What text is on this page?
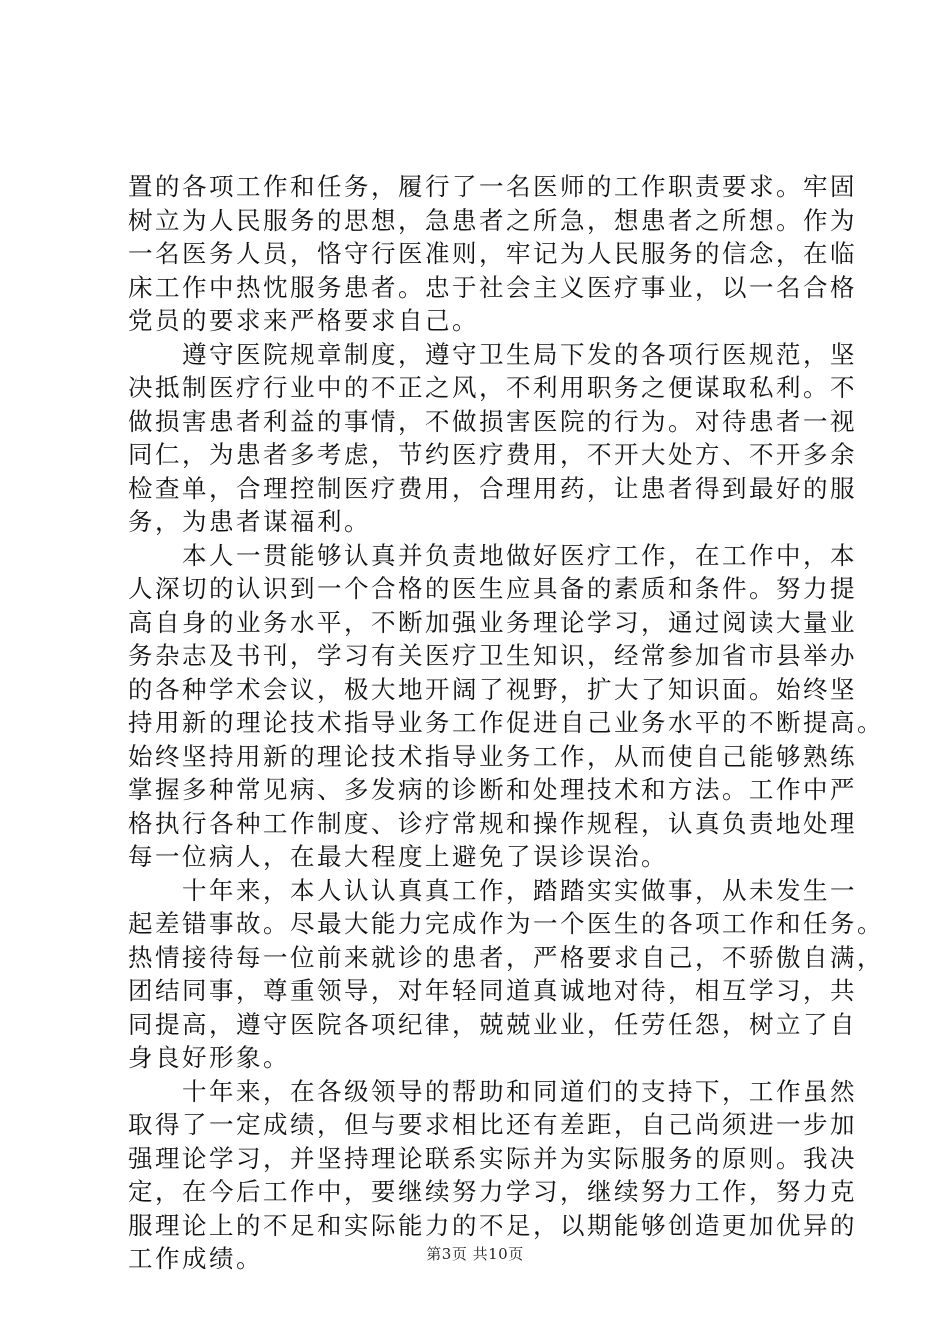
置的各项工作和任务，履行了一名医师的工作职责要求。牢固
树立为人民服务的思想，急患者之所急，想患者之所想。作为
一名医务人员，恪守行医准则，牢记为人民服务的信念，在临
床工作中热忱服务患者。忠于社会主义医疗事业，以一名合格
党员的要求来严格要求自己。
　　遵守医院规章制度，遵守卫生局下发的各项行医规范，坚
决抵制医疗行业中的不正之风，不利用职务之便谋取私利。不
做损害患者利益的事情，不做损害医院的行为。对待患者一视
同仁，为患者多考虑，节约医疗费用，不开大处方、不开多余
检查单，合理控制医疗费用，合理用药，让患者得到最好的服
务，为患者谋福利。
　　本人一贯能够认真并负责地做好医疗工作，在工作中，本
人深切的认识到一个合格的医生应具备的素质和条件。努力提
高自身的业务水平，不断加强业务理论学习，通过阅读大量业
务杂志及书刊，学习有关医疗卫生知识，经常参加省市县举办
的各种学术会议，极大地开阔了视野，扩大了知识面。始终坚
持用新的理论技术指导业务工作促进自己业务水平的不断提高。
始终坚持用新的理论技术指导业务工作，从而使自己能够熟练
掌握多种常见病、多发病的诊断和处理技术和方法。工作中严
格执行各种工作制度、诊疗常规和操作规程，认真负责地处理
每一位病人，在最大程度上避免了误诊误治。
　　十年来，本人认认真真工作，踏踏实实做事，从未发生一
起差错事故。尽最大能力完成作为一个医生的各项工作和任务。
热情接待每一位前来就诊的患者，严格要求自己，不骄傲自满，
团结同事，尊重领导，对年轻同道真诚地对待，相互学习，共
同提高，遵守医院各项纪律，兢兢业业，任劳任怨，树立了自
身良好形象。
　　十年来，在各级领导的帮助和同道们的支持下，工作虽然
取得了一定成绩，但与要求相比还有差距，自己尚须进一步加
强理论学习，并坚持理论联系实际并为实际服务的原则。我决
定，在今后工作中，要继续努力学习，继续努力工作，努力克
服理论上的不足和实际能力的不足，以期能够创造更加优异的
工作成绩。	第3页 共10页
